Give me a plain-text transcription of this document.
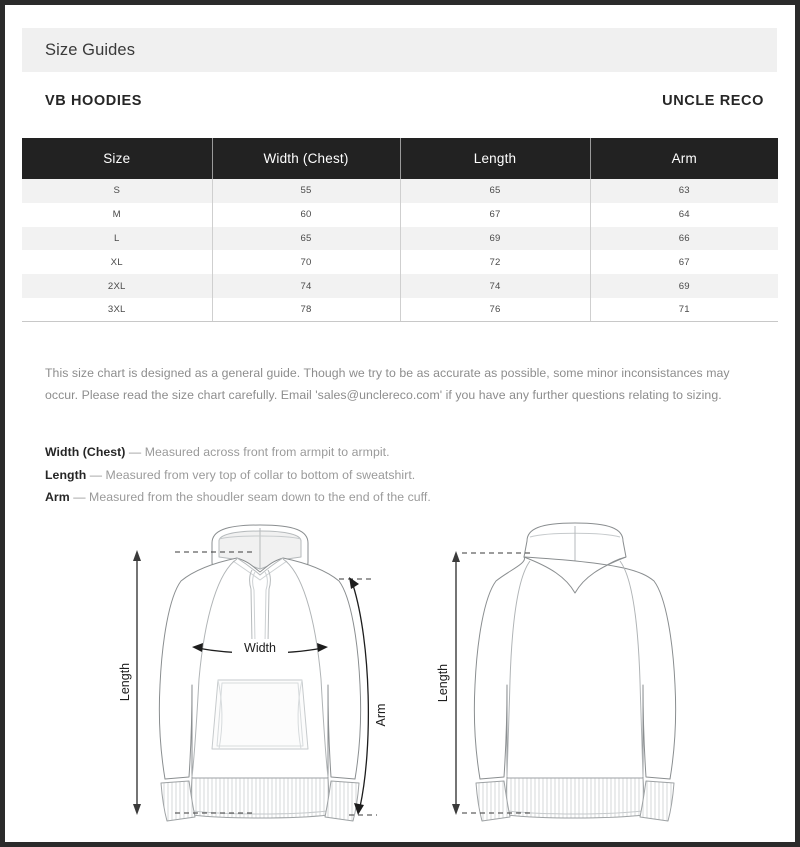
Size Guides
VB HOODIES	UNCLE RECO
Size	Width (Chest)	Length	Arm
S	55	65	63
M	60	67	64
L	65	69	66
XL	70	72	67
2XL	74	74	69
3XL	78	76	71

This size chart is designed as a general guide. Though we try to be as accurate as possible, some minor inconsistances may occur. Please read the size chart carefully. Email 'sales@unclereco.com' if you have any further questions relating to sizing.

Width (Chest) — Measured across front from armpit to armpit.
Length — Measured from very top of collar to bottom of sweatshirt.
Arm — Measured from the shoudler seam down to the end of the cuff.
Length
Width
Arm
Length
